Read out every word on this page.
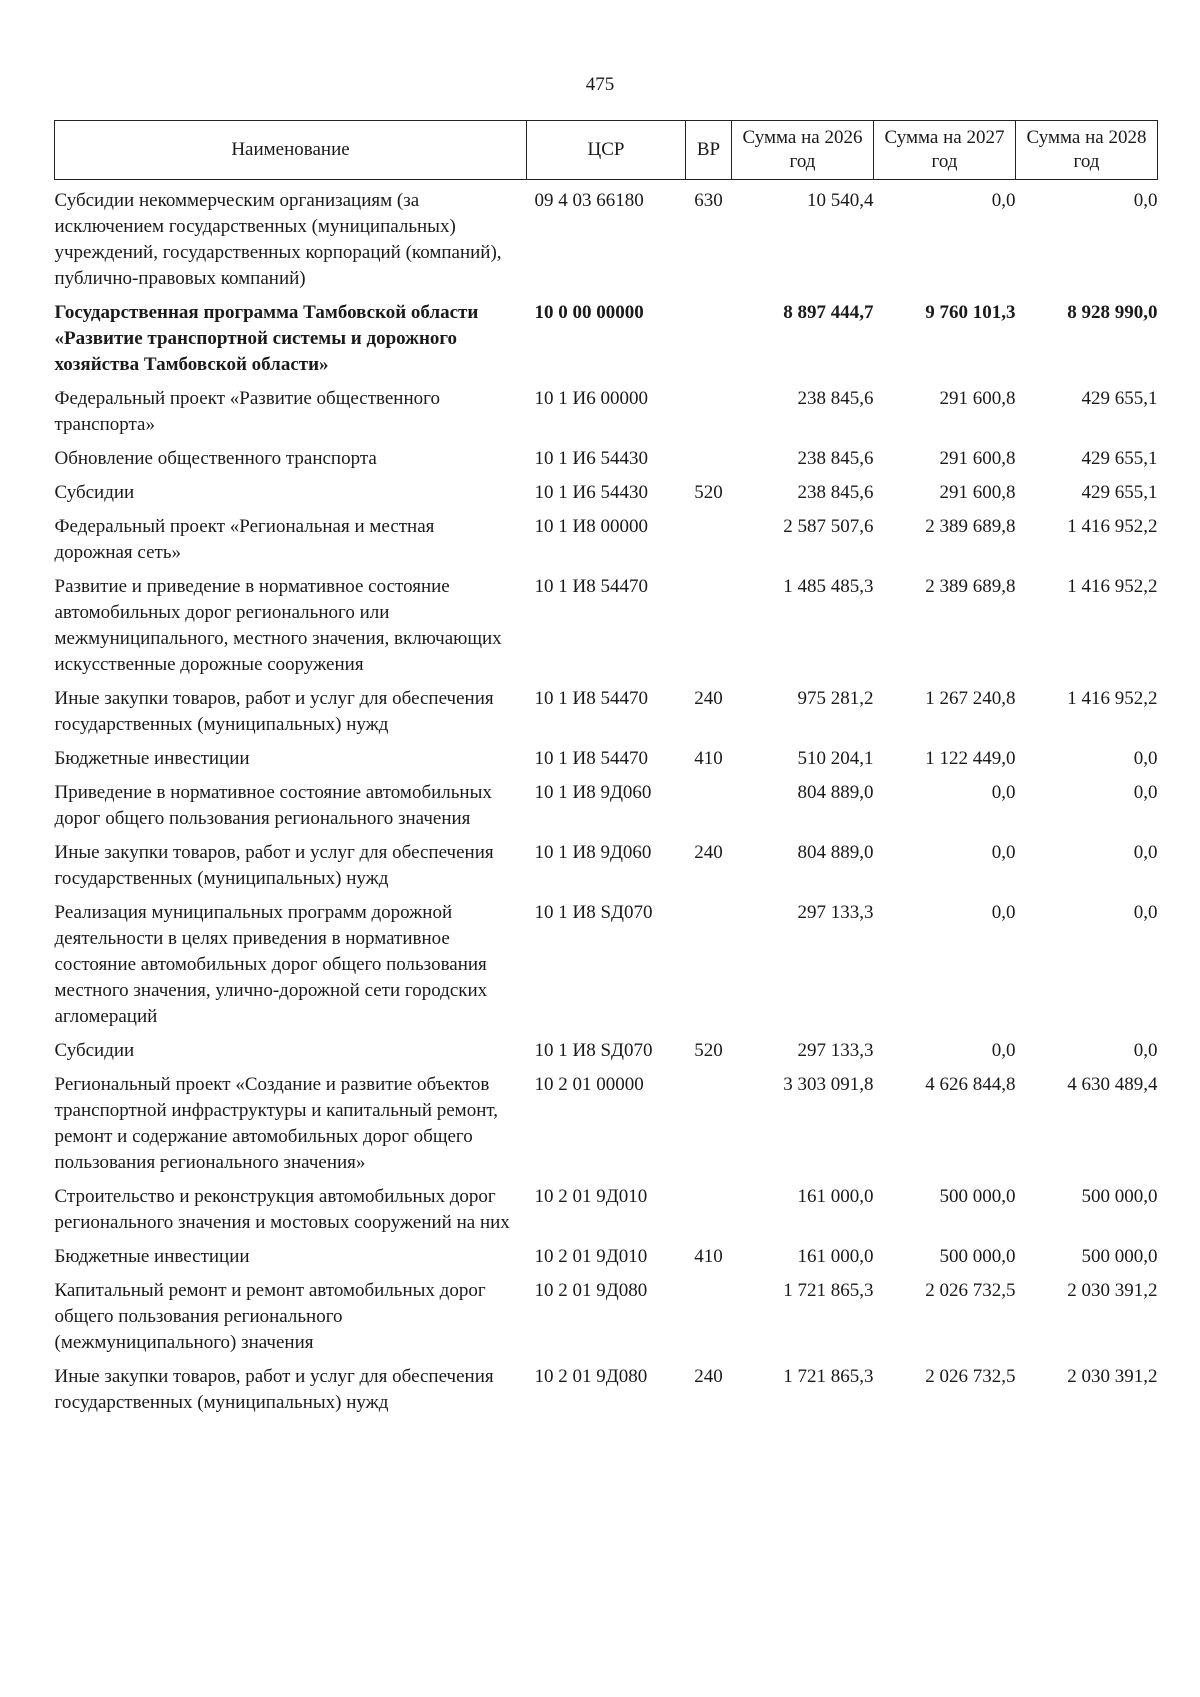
475
Наименование	ЦСР	ВР	Сумма на 2026 год	Сумма на 2027 год	Сумма на 2028 год
Субсидии некоммерческим организациям (за исключением государственных (муниципальных) учреждений, государственных корпораций (компаний), публично-правовых компаний)	09 4 03 66180	630	10 540,4	0,0	0,0
Государственная программа Тамбовской области «Развитие транспортной системы и дорожного хозяйства Тамбовской области»	10 0 00 00000		8 897 444,7	9 760 101,3	8 928 990,0
Федеральный проект «Развитие общественного транспорта»	10 1 И6 00000		238 845,6	291 600,8	429 655,1
Обновление общественного транспорта	10 1 И6 54430		238 845,6	291 600,8	429 655,1
Субсидии	10 1 И6 54430	520	238 845,6	291 600,8	429 655,1
Федеральный проект «Региональная и местная дорожная сеть»	10 1 И8 00000		2 587 507,6	2 389 689,8	1 416 952,2
Развитие и приведение в нормативное состояние автомобильных дорог регионального или межмуниципального, местного значения, включающих искусственные дорожные сооружения	10 1 И8 54470		1 485 485,3	2 389 689,8	1 416 952,2
Иные закупки товаров, работ и услуг для обеспечения государственных (муниципальных) нужд	10 1 И8 54470	240	975 281,2	1 267 240,8	1 416 952,2
Бюджетные инвестиции	10 1 И8 54470	410	510 204,1	1 122 449,0	0,0
Приведение в нормативное состояние автомобильных дорог общего пользования регионального значения	10 1 И8 9Д060		804 889,0	0,0	0,0
Иные закупки товаров, работ и услуг для обеспечения государственных (муниципальных) нужд	10 1 И8 9Д060	240	804 889,0	0,0	0,0
Реализация муниципальных программ дорожной деятельности в целях приведения в нормативное состояние автомобильных дорог общего пользования местного значения, улично-дорожной сети городских агломераций	10 1 И8 SД070		297 133,3	0,0	0,0
Субсидии	10 1 И8 SД070	520	297 133,3	0,0	0,0
Региональный проект «Создание и развитие объектов транспортной инфраструктуры и капитальный ремонт, ремонт и содержание автомобильных дорог общего пользования регионального значения»	10 2 01 00000		3 303 091,8	4 626 844,8	4 630 489,4
Строительство и реконструкция автомобильных дорог регионального значения и мостовых сооружений на них	10 2 01 9Д010		161 000,0	500 000,0	500 000,0
Бюджетные инвестиции	10 2 01 9Д010	410	161 000,0	500 000,0	500 000,0
Капитальный ремонт и ремонт автомобильных дорог общего пользования регионального (межмуниципального) значения	10 2 01 9Д080		1 721 865,3	2 026 732,5	2 030 391,2
Иные закупки товаров, работ и услуг для обеспечения государственных (муниципальных) нужд	10 2 01 9Д080	240	1 721 865,3	2 026 732,5	2 030 391,2
